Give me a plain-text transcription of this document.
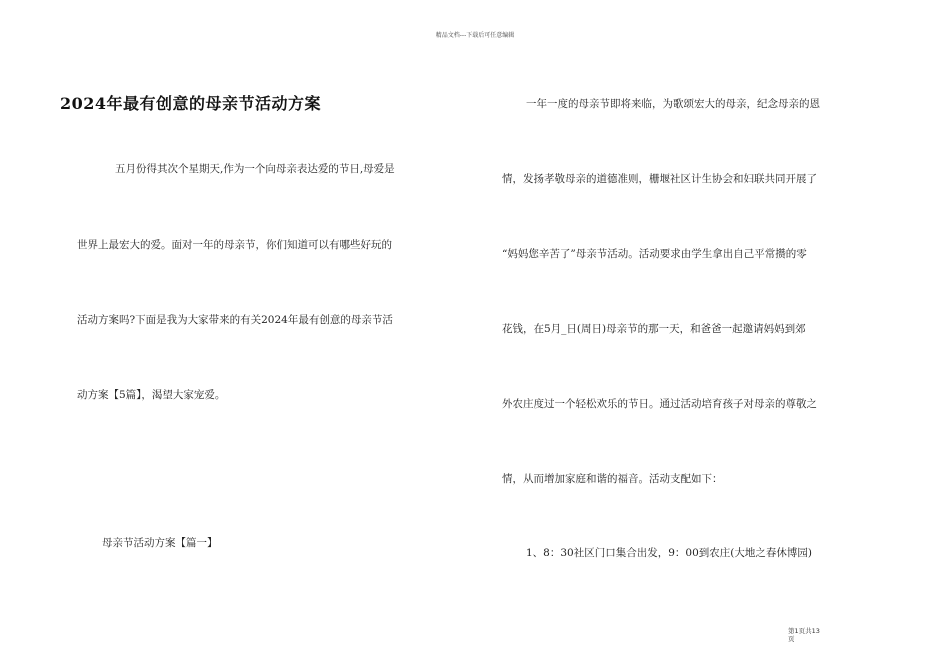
精品文档---下载后可任意编辑
2024年最有创意的母亲节活动方案
五月份得其次个星期天,作为一个向母亲表达爱的节日,母爱是
世界上最宏大的爱。面对一年的母亲节，你们知道可以有哪些好玩的
活动方案吗?下面是我为大家带来的有关2024年最有创意的母亲节活
动方案【5篇】，渴望大家宠爱。
母亲节活动方案【篇一】
一年一度的母亲节即将来临，为歌颂宏大的母亲，纪念母亲的恩
情，发扬孝敬母亲的道德准则，栅堰社区计生协会和妇联共同开展了
“妈妈您辛苦了”母亲节活动。活动要求由学生拿出自己平常攒的零
花钱，在5月_日(周日)母亲节的那一天，和爸爸一起邀请妈妈到郊
外农庄度过一个轻松欢乐的节日。通过活动培育孩子对母亲的尊敬之
情，从而增加家庭和谐的福音。活动支配如下：
1、8：30社区门口集合出发，9：00到农庄(大地之春休博园)
第1页共13
页
